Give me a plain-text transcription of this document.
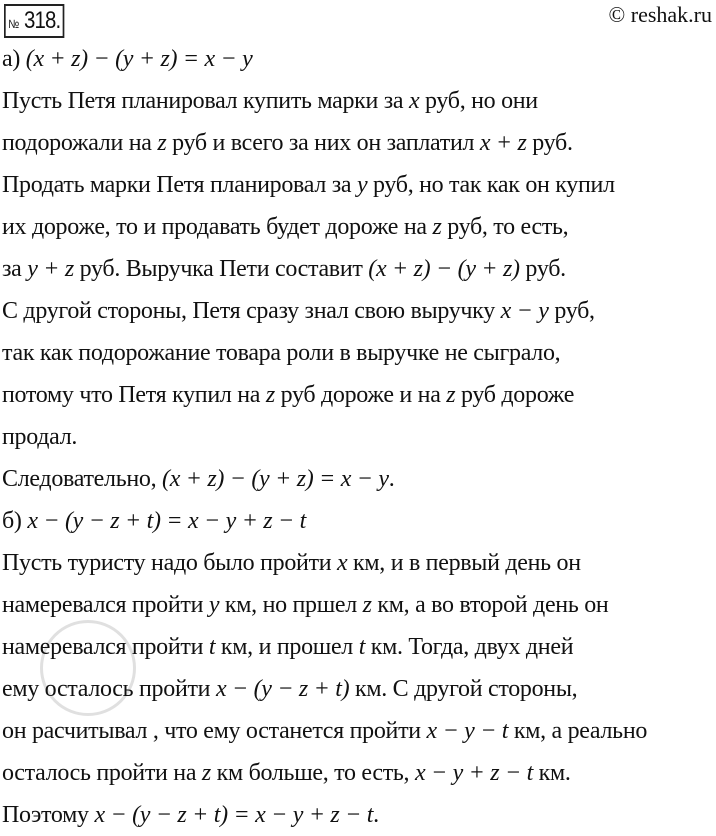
№ 318.	© reshak.ru
а) (x + z) − (y + z) = x − y
Пусть Петя планировал купить марки за x руб, но они
подорожали на z руб и всего за них он заплатил x + z руб.
Продать марки Петя планировал за y руб, но так как он купил
их дороже, то и продавать будет дороже на z руб, то есть,
за y + z руб. Выручка Пети составит (x + z) − (y + z) руб.
С другой стороны, Петя сразу знал свою выручку x − y руб,
так как подорожание товара роли в выручке не сыграло,
потому что Петя купил на z руб дороже и на z руб дороже
продал.
Следовательно, (x + z) − (y + z) = x − y.
б) x − (y − z + t) = x − y + z − t
Пусть туристу надо было пройти x км, и в первый день он
намеревался пройти y км, но пршел z км, а во второй день он
намеревался пройти t км, и прошел t км. Тогда, двух дней
ему осталось пройти x − (y − z + t) км. С другой стороны,
он расчитывал , что ему останется пройти x − y − t км, а реально
осталось пройти на z км больше, то есть, x − y + z − t км.
Поэтому x − (y − z + t) = x − y + z − t.
